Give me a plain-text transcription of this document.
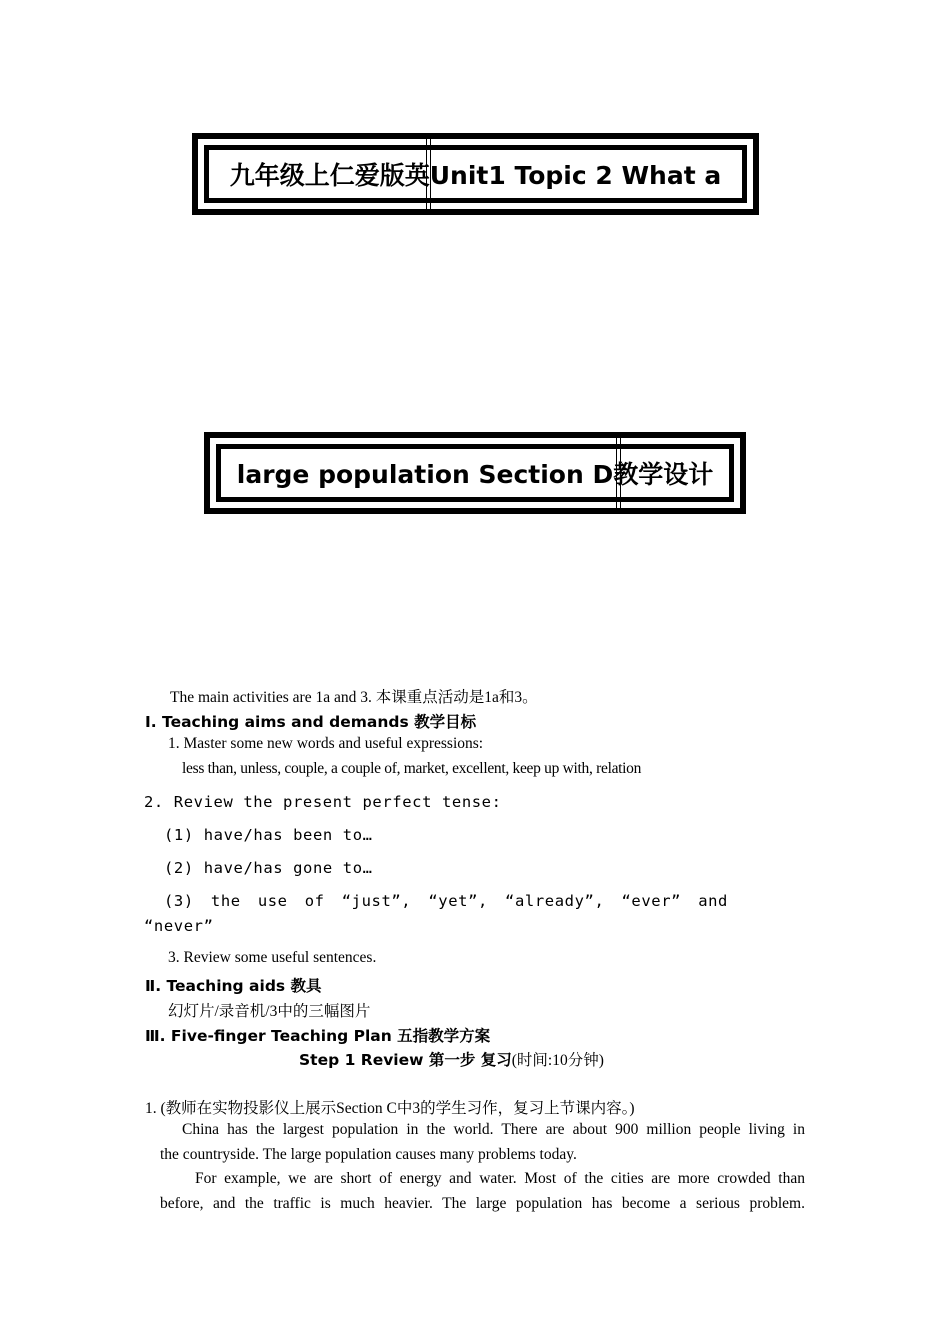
九年级上仁爱版英Unit1 Topic 2 What a
large population Section D教学设计
The main activities are 1a and 3. 本课重点活动是1a和3。
Ⅰ. Teaching aims and demands 教学目标
1. Master some new words and useful expressions:
less than, unless, couple, a couple of, market, excellent, keep up with, relation
2. Review the present perfect tense:
(1) have/has been to…
(2) have/has gone to…
(3) the use of “just”, “yet”, “already”, “ever” and
“never”
3. Review some useful sentences.
Ⅱ. Teaching aids 教具
幻灯片/录音机/3中的三幅图片
Ⅲ. Five-finger Teaching Plan 五指教学方案
Step 1 Review 第一步 复习(时间:10分钟)
1. (教师在实物投影仪上展示Section C中3的学生习作，复习上节课内容。)
China has the largest population in the world. There are about 900 million people living in
the countryside. The large population causes many problems today.
For example, we are short of energy and water. Most of the cities are more crowded than
before, and the traffic is much heavier. The large population has become a serious problem.
